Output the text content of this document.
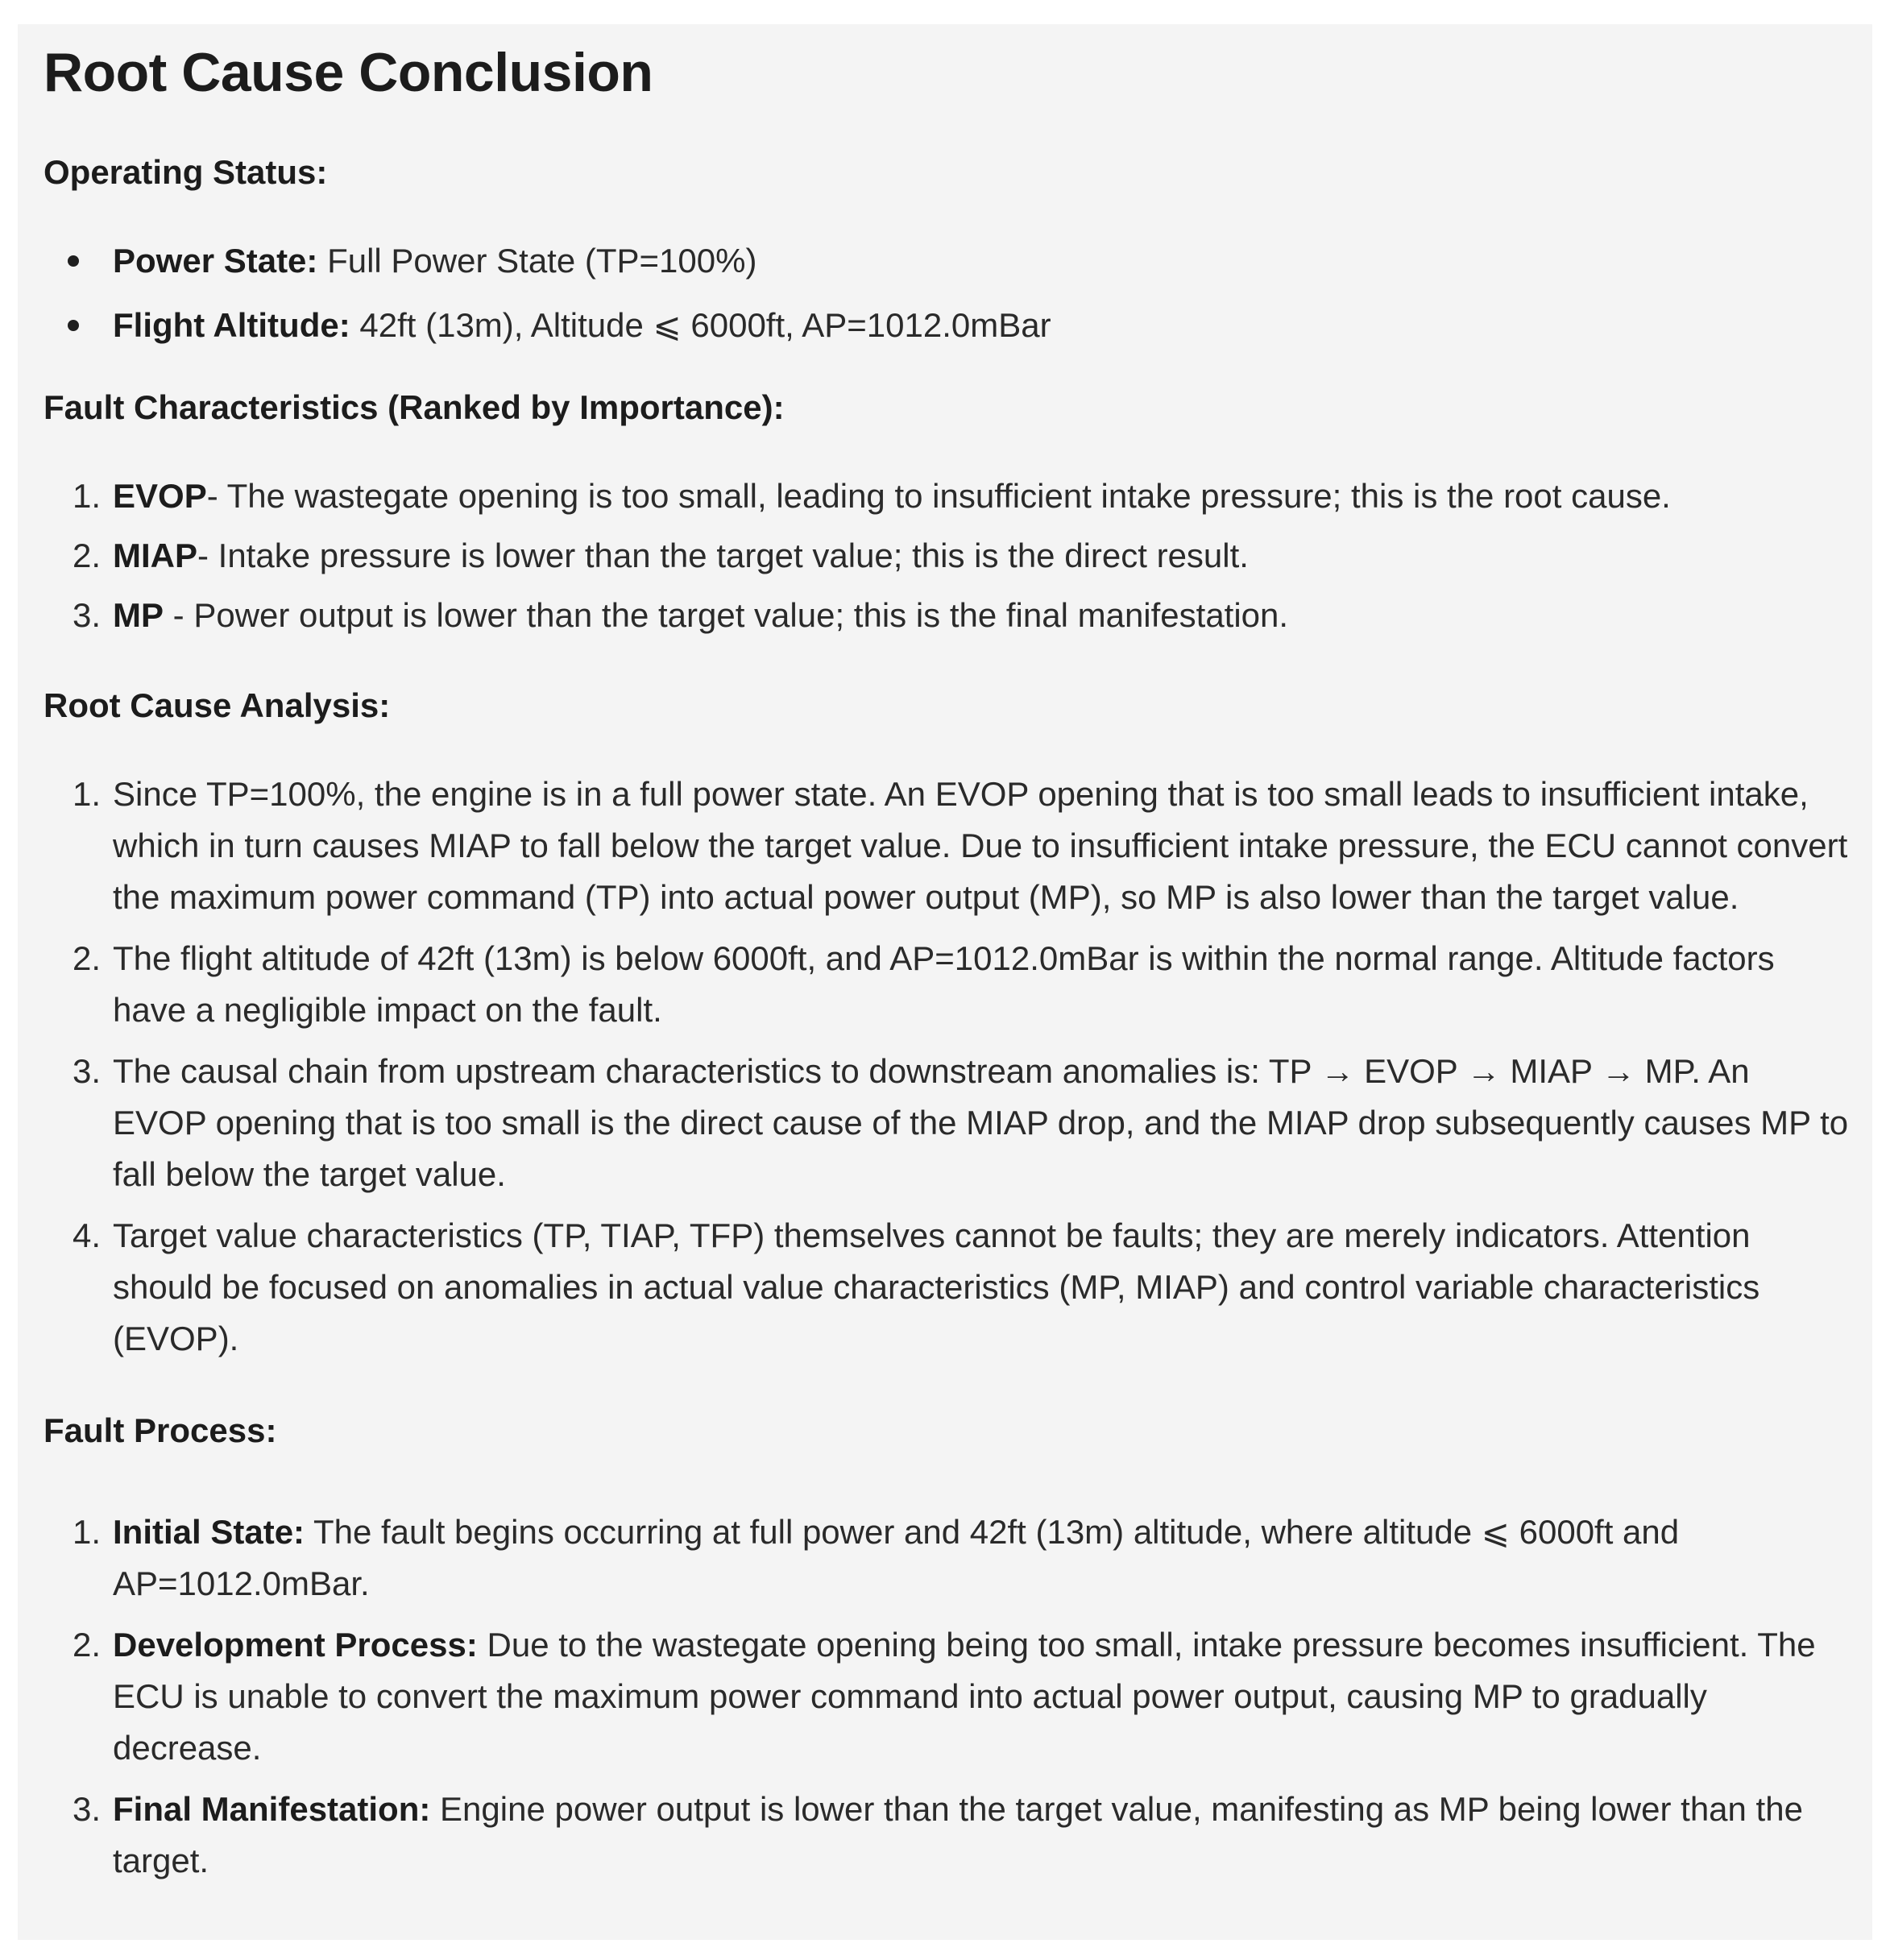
Root Cause Conclusion
Operating Status:
Power State: Full Power State (TP=100%)
Flight Altitude: 42ft (13m), Altitude ⩽ 6000ft, AP=1012.0mBar
Fault Characteristics (Ranked by Importance):
1. EVOP- The wastegate opening is too small, leading to insufficient intake pressure; this is the root cause.
2. MIAP- Intake pressure is lower than the target value; this is the direct result.
3. MP - Power output is lower than the target value; this is the final manifestation.
Root Cause Analysis:
1. Since TP=100%, the engine is in a full power state. An EVOP opening that is too small leads to insufficient intake, which in turn causes MIAP to fall below the target value. Due to insufficient intake pressure, the ECU cannot convert the maximum power command (TP) into actual power output (MP), so MP is also lower than the target value.
2. The flight altitude of 42ft (13m) is below 6000ft, and AP=1012.0mBar is within the normal range. Altitude factors have a negligible impact on the fault.
3. The causal chain from upstream characteristics to downstream anomalies is: TP → EVOP → MIAP → MP. An EVOP opening that is too small is the direct cause of the MIAP drop, and the MIAP drop subsequently causes MP to fall below the target value.
4. Target value characteristics (TP, TIAP, TFP) themselves cannot be faults; they are merely indicators. Attention should be focused on anomalies in actual value characteristics (MP, MIAP) and control variable characteristics (EVOP).
Fault Process:
1. Initial State: The fault begins occurring at full power and 42ft (13m) altitude, where altitude ⩽ 6000ft and AP=1012.0mBar.
2. Development Process: Due to the wastegate opening being too small, intake pressure becomes insufficient. The ECU is unable to convert the maximum power command into actual power output, causing MP to gradually decrease.
3. Final Manifestation: Engine power output is lower than the target value, manifesting as MP being lower than the target.
